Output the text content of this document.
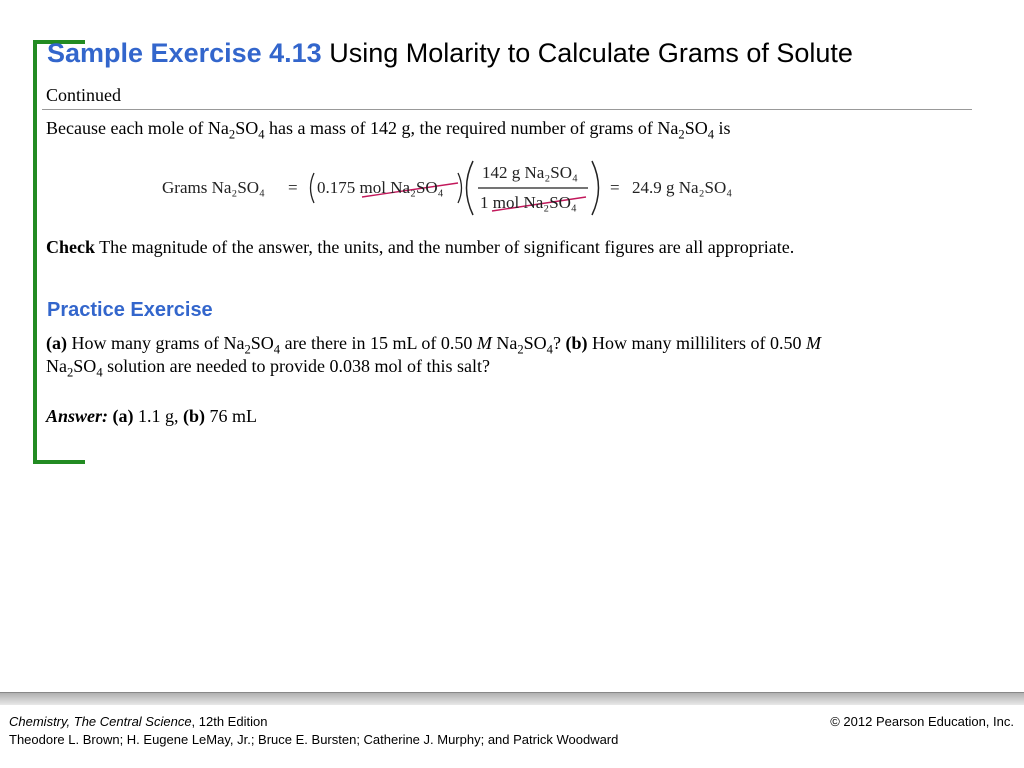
Sample Exercise 4.13 Using Molarity to Calculate Grams of Solute
Continued
Because each mole of $Na_2SO_4$ has a mass of 142 g, the required number of grams of $Na_2SO_4$ is
Grams Na₂SO₄ = 0.175 mol Na₂SO₄
142 g Na₂SO₄
1 mol Na₂SO₄
= 24.9 g Na₂SO₄
Check The magnitude of the answer, the units, and the number of significant figures are all appropriate.
Practice Exercise
(a) How many grams of $Na_2SO_4$ are there in 15 mL of 0.50 M $Na_2SO_4$? (b) How many milliliters of 0.50 M
$Na_2SO_4$ solution are needed to provide 0.038 mol of this salt?
Answer: (a) 1.1 g, (b) 76 mL
Chemistry, The Central Science, 12th Edition
Theodore L. Brown; H. Eugene LeMay, Jr.; Bruce E. Bursten; Catherine J. Murphy; and Patrick Woodward
© 2012 Pearson Education, Inc.
